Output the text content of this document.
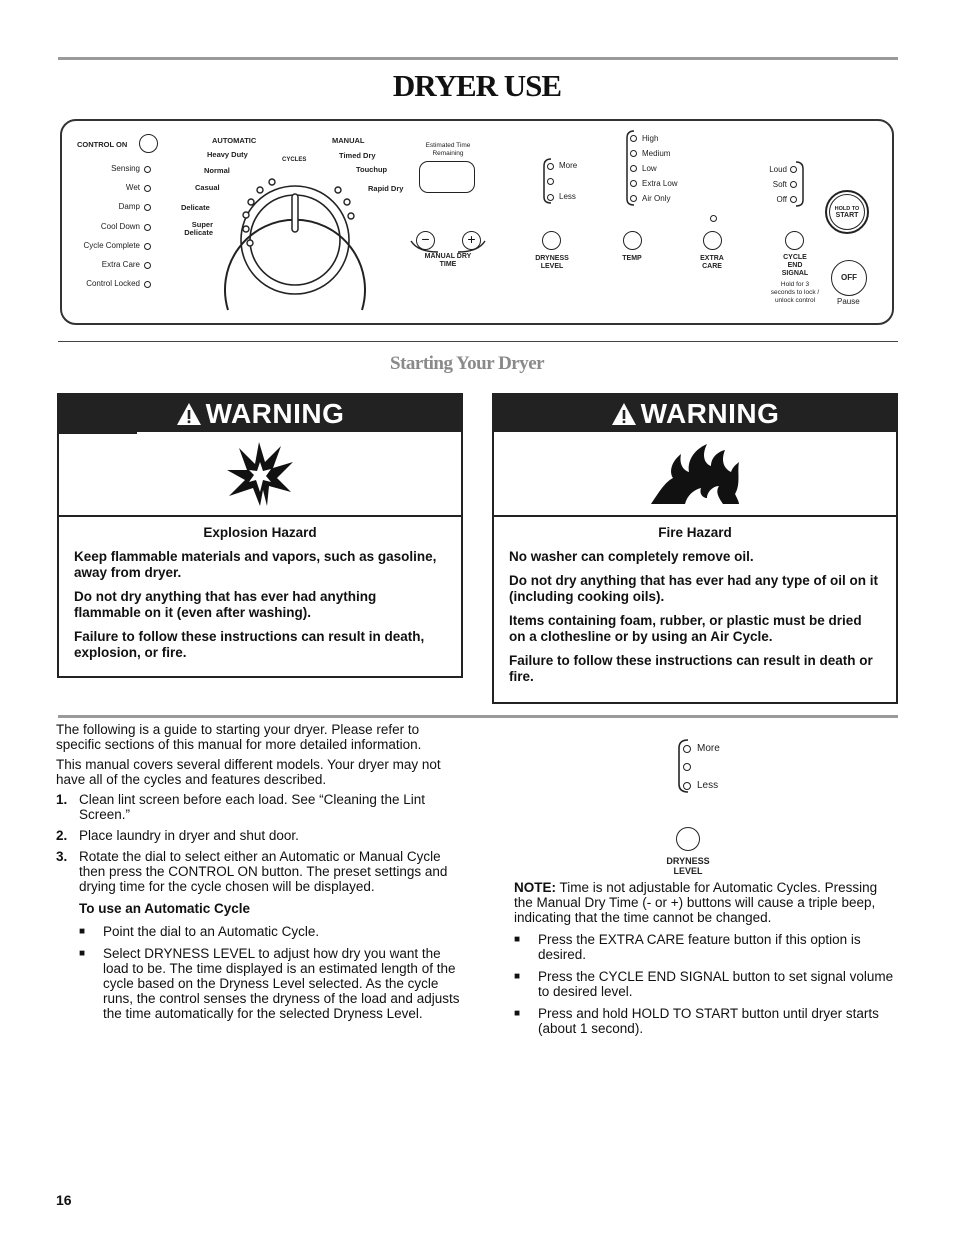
DRYER USE
CONTROL ON
Sensing
Wet
Damp
Cool Down
Cycle Complete
Extra Care
Control Locked
AUTOMATIC	MANUAL
CYCLES
Heavy Duty
Normal
Casual
Delicate
Super Delicate
Timed Dry
Touchup
Rapid Dry
Estimated Time Remaining
−	+
MANUAL DRY TIME
More
Less
DRYNESS LEVEL
High
Medium
Low
Extra Low
Air Only
TEMP	EXTRA CARE
Loud
Soft
Off
CYCLE END SIGNAL
Hold for 3 seconds to lock / unlock control
HOLD TO
START
OFF
Pause
Starting Your Dryer
WARNING
Explosion Hazard

Keep flammable materials and vapors, such as gasoline, away from dryer.

Do not dry anything that has ever had anything flammable on it (even after washing).

Failure to follow these instructions can result in death, explosion, or fire.

WARNING
Fire Hazard

No washer can completely remove oil.

Do not dry anything that has ever had any type of oil on it (including cooking oils).

Items containing foam, rubber, or plastic must be dried on a clothesline or by using an Air Cycle.

Failure to follow these instructions can result in death or fire.

The following is a guide to starting your dryer. Please refer to specific sections of this manual for more detailed information.

This manual covers several different models. Your dryer may not have all of the cycles and features described.

1. Clean lint screen before each load. See “Cleaning the Lint Screen.”
2. Place laundry in dryer and shut door.
3. Rotate the dial to select either an Automatic or Manual Cycle then press the CONTROL ON button. The preset settings and drying time for the cycle chosen will be displayed.
To use an Automatic Cycle
■	Point the dial to an Automatic Cycle.
■	Select DRYNESS LEVEL to adjust how dry you want the load to be. The time displayed is an estimated length of the cycle based on the Dryness Level selected. As the cycle runs, the control senses the dryness of the load and adjusts the time automatically for the selected Dryness Level.
More
Less
DRYNESS LEVEL

NOTE: Time is not adjustable for Automatic Cycles. Pressing the Manual Dry Time (- or +) buttons will cause a triple beep, indicating that the time cannot be changed.

■	Press the EXTRA CARE feature button if this option is desired.
■	Press the CYCLE END SIGNAL button to set signal volume to desired level.
■	Press and hold HOLD TO START button until dryer starts (about 1 second).
16
